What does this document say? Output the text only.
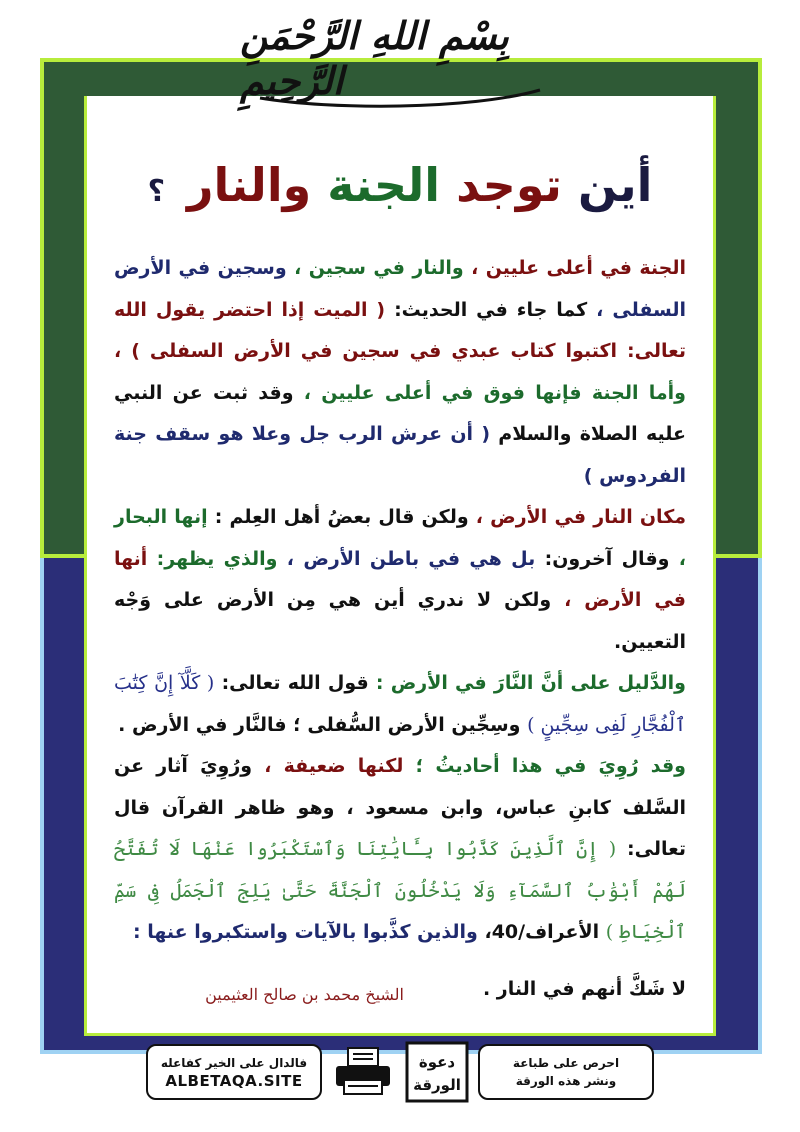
بِسْمِ اللهِ الرَّحْمَنِ الرَّحِيمِ
أين توجد الجنة والنار ؟

الجنة في أعلى عليين ، والنار في سجين ، وسجين في الأرض السفلى ، كما جاء في الحديث: ( الميت إذا احتضر يقول الله تعالى: اكتبوا كتاب عبدي في سجين في الأرض السفلى ) ، وأما الجنة فإنها فوق في أعلى عليين ، وقد ثبت عن النبي عليه الصلاة والسلام ( أن عرش الرب جل وعلا هو سقف جنة الفردوس )

مكان النار في الأرض ، ولكن قال بعضُ أهل العِلم : إنها البحار ، وقال آخرون: بل هي في باطن الأرض ، والذي يظهر: أنها في الأرض ، ولكن لا ندري أين هي مِن الأرض على وَجْه التعيين.

والدَّليل على أنَّ النَّارَ في الأرض : قول الله تعالى: ( كَلَّآ إِنَّ كِتَٰبَ ٱلْفُجَّارِ لَفِى سِجِّينٍ ) وسِجِّين الأرض السُّفلى ؛ فالنَّار في الأرض .

وقد رُوِيَ في هذا أحاديثُ ؛ لكنها ضعيفة ، ورُوِيَ آثار عن السَّلف كابنِ عباس، وابن مسعود ، وهو ظاهر القرآن قال تعالى: ( إِنَّ ٱلَّذِينَ كَذَّبُوا بِـَٔايَٰتِنَا وَٱسْتَكْبَرُوا عَنْهَا لَا تُفَتَّحُ لَهُمْ أَبْوَٰبُ ٱلسَّمَآءِ وَلَا يَدْخُلُونَ ٱلْجَنَّةَ حَتَّىٰ يَلِجَ ٱلْجَمَلُ فِى سَمِّ ٱلْخِيَاطِ ) الأعراف/40، والذين كذَّبوا بالآيات واستكبروا عنها :

لا شَكَّ أنهم في النار .
الشيخ محمد بن صالح العثيمين
فالدال على الخير كفاعله
ALBETAQA.SITE
دعوة
الورقة
احرص على طباعة
ونشر هذه الورقة
